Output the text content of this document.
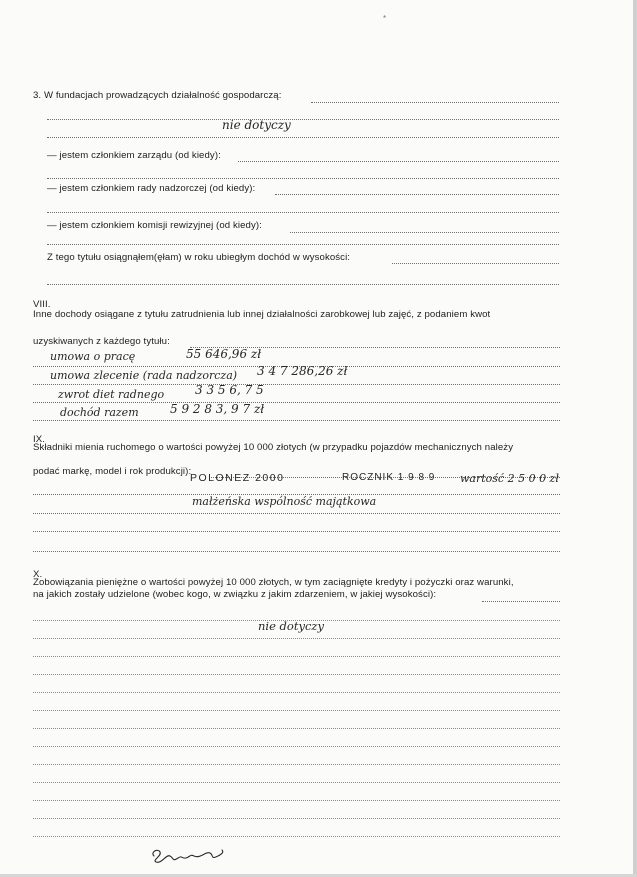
*
3. W fundacjach prowadzących działalność gospodarczą:
nie dotyczy
— jestem członkiem zarządu (od kiedy):
— jestem członkiem rady nadzorczej (od kiedy):
— jestem członkiem komisji rewizyjnej (od kiedy):
Z tego tytułu osiągnąłem(ęłam) w roku ubiegłym dochód w wysokości:
VIII.
Inne dochody osiągane z tytułu zatrudnienia lub innej działalności zarobkowej lub zajęć, z podaniem kwot
uzyskiwanych z każdego tytułu:
umowa o pracę	55 646,96 zł
umowa zlecenie (rada nadzorcza) 3 4 7 286,26 zł
zwrot diet radnego	3 3 5 6, 7 5
dochód razem	5 9 2 8 3, 9 7 zł
IX.
Składniki mienia ruchomego o wartości powyżej 10 000 złotych (w przypadku pojazdów mechanicznych należy
podać markę, model i rok produkcji):
POLONEZ 2000	ROCZNIK 1 9 8 9 wartość 2 5 0 0 zł
małżeńska wspólność majątkowa
X.
Zobowiązania pieniężne o wartości powyżej 10 000 złotych, w tym zaciągnięte kredyty i pożyczki oraz warunki,
na jakich zostały udzielone (wobec kogo, w związku z jakim zdarzeniem, w jakiej wysokości):
nie dotyczy
